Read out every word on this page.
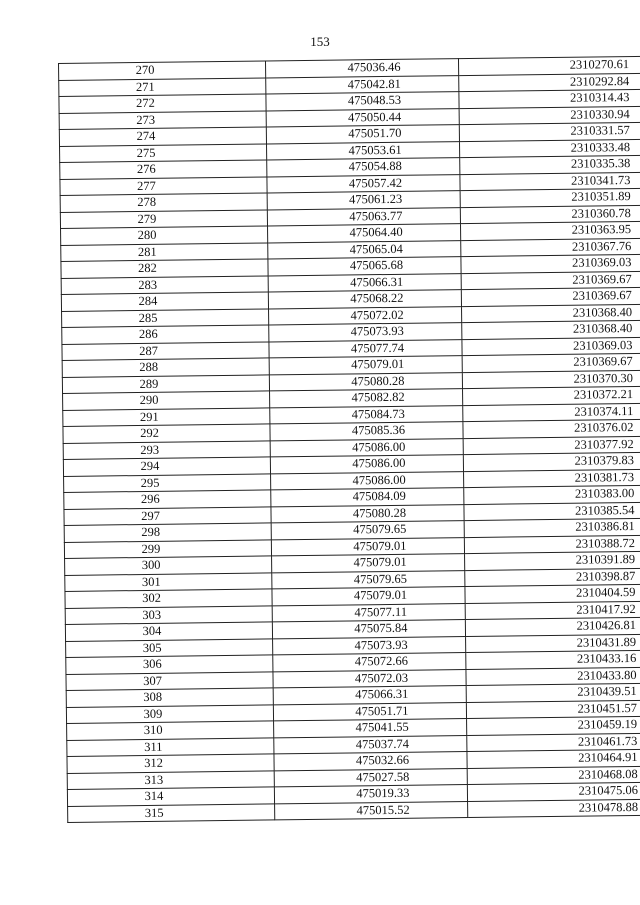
153
270	475036.46	2310270.61
271	475042.81	2310292.84
272	475048.53	2310314.43
273	475050.44	2310330.94
274	475051.70	2310331.57
275	475053.61	2310333.48
276	475054.88	2310335.38
277	475057.42	2310341.73
278	475061.23	2310351.89
279	475063.77	2310360.78
280	475064.40	2310363.95
281	475065.04	2310367.76
282	475065.68	2310369.03
283	475066.31	2310369.67
284	475068.22	2310369.67
285	475072.02	2310368.40
286	475073.93	2310368.40
287	475077.74	2310369.03
288	475079.01	2310369.67
289	475080.28	2310370.30
290	475082.82	2310372.21
291	475084.73	2310374.11
292	475085.36	2310376.02
293	475086.00	2310377.92
294	475086.00	2310379.83
295	475086.00	2310381.73
296	475084.09	2310383.00
297	475080.28	2310385.54
298	475079.65	2310386.81
299	475079.01	2310388.72
300	475079.01	2310391.89
301	475079.65	2310398.87
302	475079.01	2310404.59
303	475077.11	2310417.92
304	475075.84	2310426.81
305	475073.93	2310431.89
306	475072.66	2310433.16
307	475072.03	2310433.80
308	475066.31	2310439.51
309	475051.71	2310451.57
310	475041.55	2310459.19
311	475037.74	2310461.73
312	475032.66	2310464.91
313	475027.58	2310468.08
314	475019.33	2310475.06
315	475015.52	2310478.88
